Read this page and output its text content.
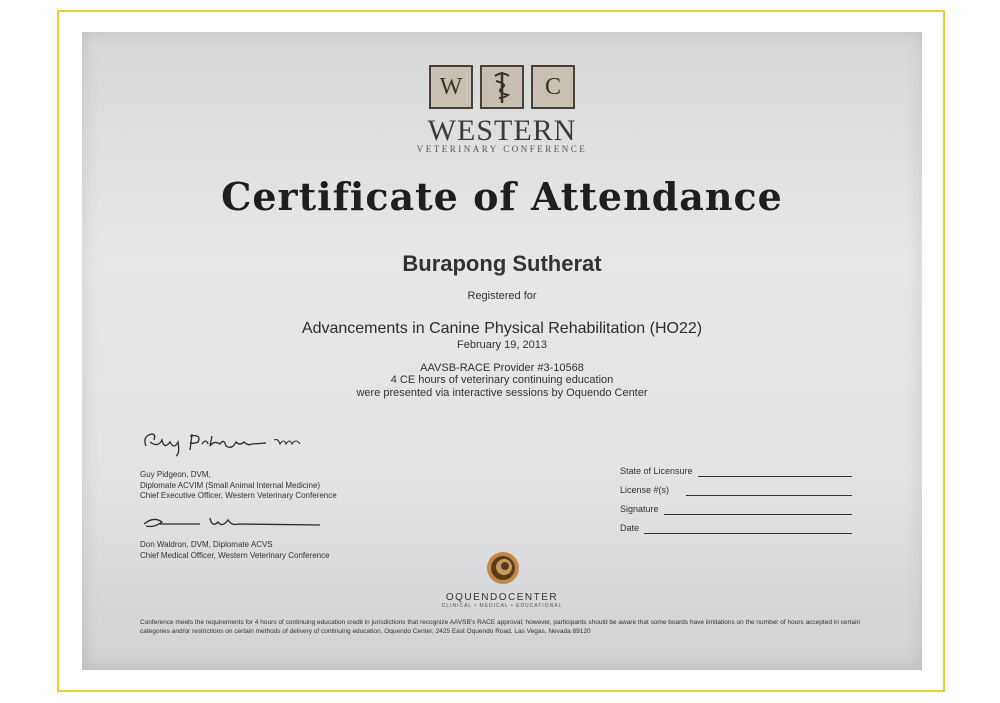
W	C
WESTERN
VETERINARY CONFERENCE
Certificate of Attendance
Burapong Sutherat
Registered for
Advancements in Canine Physical Rehabilitation (HO22)
February 19, 2013
AAVSB-RACE Provider #3-10568
4 CE hours of veterinary continuing education
were presented via interactive sessions by Oquendo Center
Guy Pidgeon, DVM,
Diplomate ACVIM (Small Animal Internal Medicine)
Chief Executive Officer, Western Veterinary Conference
Don Waldron, DVM, Diplomate ACVS
Chief Medical Officer, Western Veterinary Conference
State of Licensure
License #(s)
Signature
Date
OQUENDOCENTER
CLINICAL • MEDICAL • EDUCATIONAL
Conference meets the requirements for 4 hours of continuing education credit in jurisdictions that recognize AAVSB's RACE approval; however, participants should be aware that some boards have limitations on the number of hours accepted in certain categories and/or restrictions on certain methods of delivery of continuing education. Oquendo Center, 2425 East Oquendo Road, Las Vegas, Nevada 89120
